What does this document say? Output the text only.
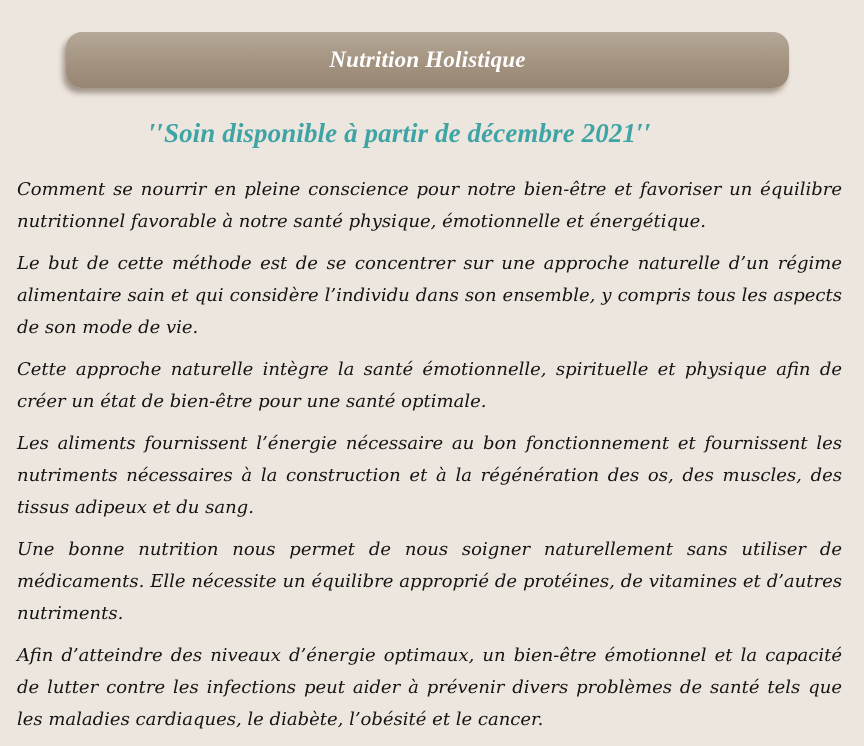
Nutrition Holistique
′′Soin disponible à partir de décembre 2021′′

Comment se nourrir en pleine conscience pour notre bien-être et favoriser un équilibre nutritionnel favorable à notre santé physique, émotionnelle et énergétique.

Le but de cette méthode est de se concentrer sur une approche naturelle d’un régime alimentaire sain et qui considère l’individu dans son ensemble, y compris tous les aspects de son mode de vie.

Cette approche naturelle intègre la santé émotionnelle, spirituelle et physique afin de créer un état de bien-être pour une santé optimale.

Les aliments fournissent l’énergie nécessaire au bon fonctionnement et fournissent les nutriments nécessaires à la construction et à la régénération des os, des muscles, des tissus adipeux et du sang.

Une bonne nutrition nous permet de nous soigner naturellement sans utiliser de médicaments. Elle nécessite un équilibre approprié de protéines, de vitamines et d’autres nutriments.

Afin d’atteindre des niveaux d’énergie optimaux, un bien-être émotionnel et la capacité de lutter contre les infections peut aider à prévenir divers problèmes de santé tels que les maladies cardiaques, le diabète, l’obésité et le cancer.
